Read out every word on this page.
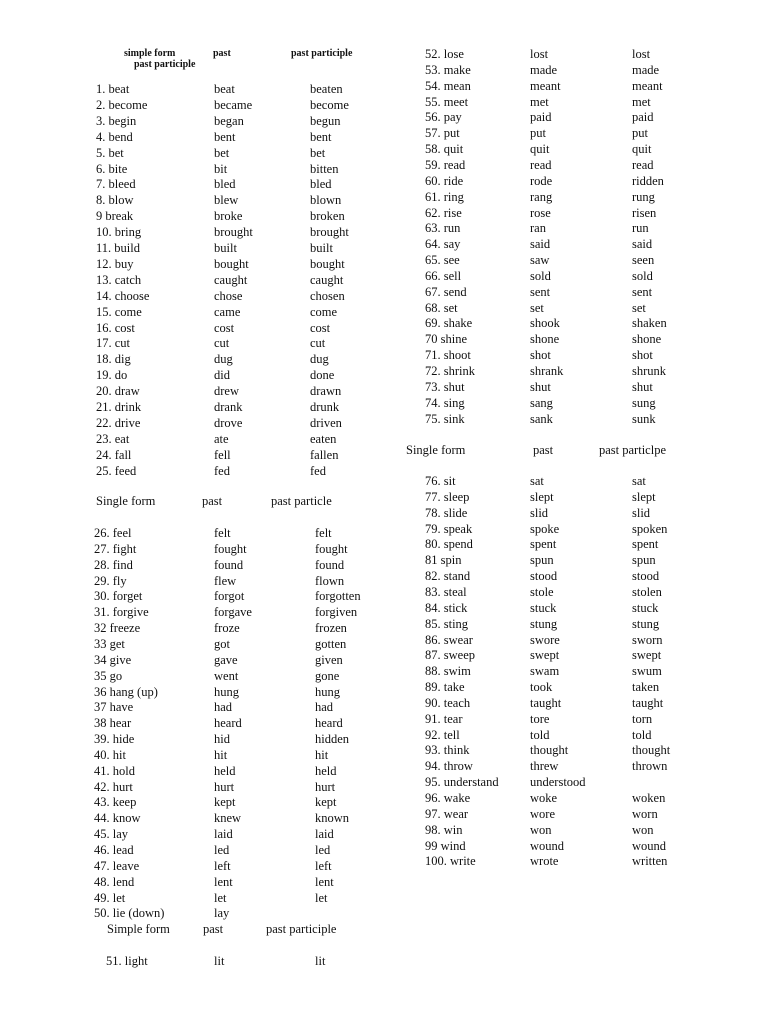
simple form	past	past participle
past participle
1. beat	beat	beaten
2. become	became	become
3. begin	began	begun
4. bend	bent	bent
5. bet	bet	bet
6. bite	bit	bitten
7. bleed	bled	bled
8. blow	blew	blown
9 break	broke	broken
10. bring	brought	brought
11. build	built	built
12. buy	bought	bought
13. catch	caught	caught
14. choose	chose	chosen
15. come	came	come
16. cost	cost	cost
17. cut	cut	cut
18. dig	dug	dug
19. do	did	done
20. draw	drew	drawn
21. drink	drank	drunk
22. drive	drove	driven
23. eat	ate	eaten
24. fall	fell	fallen
25. feed	fed	fed
Single form	past	past particle
26. feel	felt	felt
27. fight	fought	fought
28. find	found	found
29. fly	flew	flown
30. forget	forgot	forgotten
31. forgive	forgave	forgiven
32 freeze	froze	frozen
33 get	got	gotten
34 give	gave	given
35 go	went	gone
36 hang (up)	hung	hung
37 have	had	had
38 hear	heard	heard
39. hide	hid	hidden
40. hit	hit	hit
41. hold	held	held
42. hurt	hurt	hurt
43. keep	kept	kept
44. know	knew	known
45. lay	laid	laid
46. lead	led	led
47. leave	left	left
48. lend	lent	lent
49. let	let	let
50. lie (down)	lay
Simple form	past	past participle
51. light	lit	lit
52. lose	lost	lost
53. make	made	made
54. mean	meant	meant
55. meet	met	met
56. pay	paid	paid
57. put	put	put
58. quit	quit	quit
59. read	read	read
60. ride	rode	ridden
61. ring	rang	rung
62. rise	rose	risen
63. run	ran	run
64. say	said	said
65. see	saw	seen
66. sell	sold	sold
67. send	sent	sent
68. set	set	set
69. shake	shook	shaken
70 shine	shone	shone
71. shoot	shot	shot
72. shrink	shrank	shrunk
73. shut	shut	shut
74. sing	sang	sung
75. sink	sank	sunk
Single form	past	past particlpe
76. sit	sat	sat
77. sleep	slept	slept
78. slide	slid	slid
79. speak	spoke	spoken
80. spend	spent	spent
81 spin	spun	spun
82. stand	stood	stood
83. steal	stole	stolen
84. stick	stuck	stuck
85. sting	stung	stung
86. swear	swore	sworn
87. sweep	swept	swept
88. swim	swam	swum
89. take	took	taken
90. teach	taught	taught
91. tear	tore	torn
92. tell	told	told
93. think	thought	thought
94. throw	threw	thrown
95. understand	understood
96. wake	woke	woken
97. wear	wore	worn
98. win	won	won
99 wind	wound	wound
100. write	wrote	written
